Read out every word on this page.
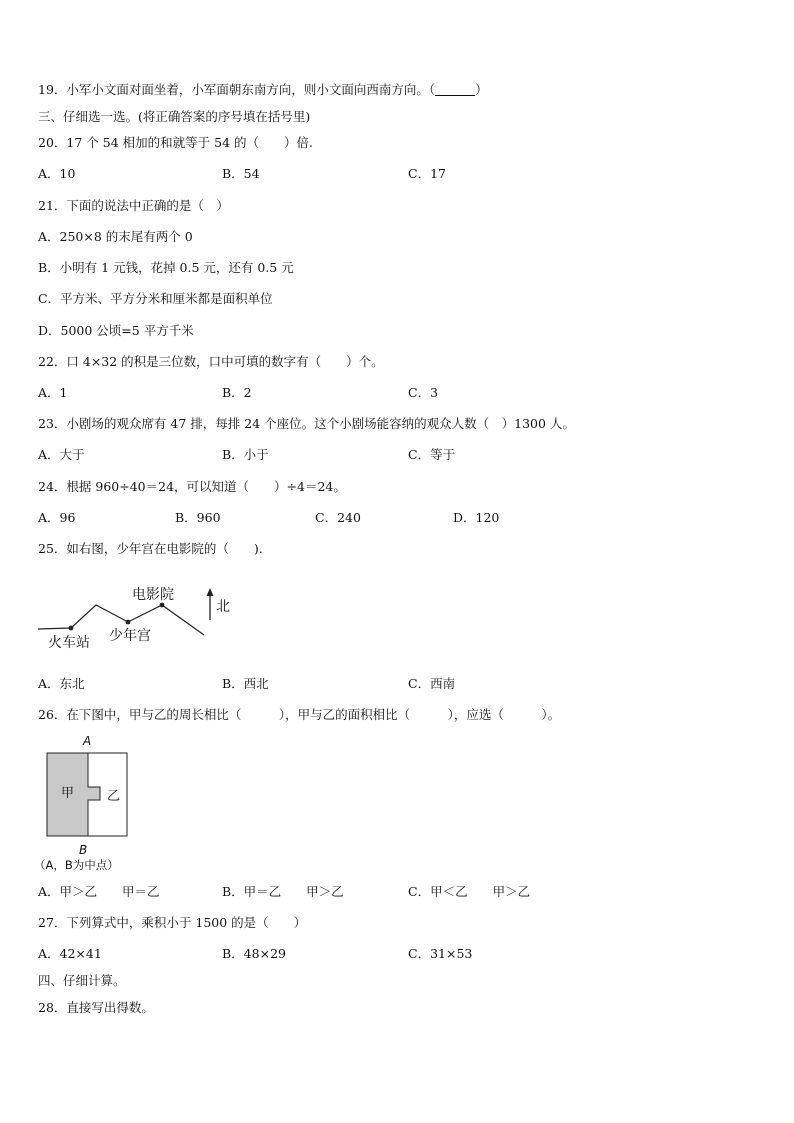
19．小军小文面对面坐着，小军面朝东南方向，则小文面向西南方向。（	）
三、仔细选一选。(将正确答案的序号填在括号里)
20．17 个 54 相加的和就等于 54 的（　　）倍.
A．10	B．54	C．17
21．下面的说法中正确的是（　）
A．250×8 的末尾有两个 0
B．小明有 1 元钱，花掉 0.5 元，还有 0.5 元
C．平方米、平方分米和厘米都是面积单位
D．5000 公顷=5 平方千米
22．口 4×32 的积是三位数，口中可填的数字有（　　）个。
A．1	B．2	C．3
23．小剧场的观众席有 47 排，每排 24 个座位。这个小剧场能容纳的观众人数（　）1300 人。
A．大于	B．小于	C．等于
24．根据 960÷40＝24，可以知道（　　）÷4＝24。
A．96	B．960	C．240	D．120
25．如右图，少年宫在电影院的（　　).
北
电影院
火车站 少年宫
A．东北	B．西北	C．西南
26．在下图中，甲与乙的周长相比（　　　），甲与乙的面积相比（　　　），应选（　　　）。
A
甲	乙
B
（A，B为中点）
A．甲＞乙　　甲＝乙	B．甲＝乙　　甲＞乙	C．甲＜乙　　甲＞乙
27．下列算式中，乘积小于 1500 的是（　　）
A．42×41	B．48×29	C．31×53
四、仔细计算。
28．直接写出得数。
